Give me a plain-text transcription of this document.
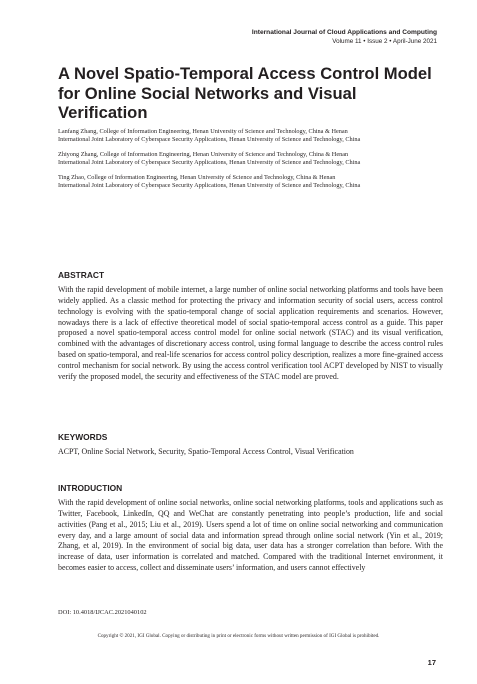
International Journal of Cloud Applications and Computing
Volume 11 • Issue 2 • April-June 2021
A Novel Spatio-Temporal Access Control Model for Online Social Networks and Visual Verification

Lanfang Zhang, College of Information Engineering, Henan University of Science and Technology, China & Henan
International Joint Laboratory of Cyberspace Security Applications, Henan University of Science and Technology, China

Zhiyong Zhang, College of Information Engineering, Henan University of Science and Technology, China & Henan
International Joint Laboratory of Cyberspace Security Applications, Henan University of Science and Technology, China

Ting Zhao, College of Information Engineering, Henan University of Science and Technology, China & Henan
International Joint Laboratory of Cyberspace Security Applications, Henan University of Science and Technology, China

ABSTRACT

With the rapid development of mobile internet, a large number of online social networking platforms and tools have been widely applied. As a classic method for protecting the privacy and information security of social users, access control technology is evolving with the spatio-temporal change of social application requirements and scenarios. However, nowadays there is a lack of effective theoretical model of social spatio-temporal access control as a guide. This paper proposed a novel spatio-temporal access control model for online social network (STAC) and its visual verification, combined with the advantages of discretionary access control, using formal language to describe the access control rules based on spatio-temporal, and real-life scenarios for access control policy description, realizes a more fine-grained access control mechanism for social network. By using the access control verification tool ACPT developed by NIST to visually verify the proposed model, the security and effectiveness of the STAC model are proved.

KEYWORDS

ACPT, Online Social Network, Security, Spatio-Temporal Access Control, Visual Verification

INTRODUCTION

With the rapid development of online social networks, online social networking platforms, tools and applications such as Twitter, Facebook, LinkedIn, QQ and WeChat are constantly penetrating into people’s production, life and social activities (Pang et al., 2015; Liu et al., 2019). Users spend a lot of time on online social networking and communication every day, and a large amount of social data and information spread through online social network (Yin et al., 2019; Zhang, et al, 2019). In the environment of social big data, user data has a stronger correlation than before. With the increase of data, user information is correlated and matched. Compared with the traditional Internet environment, it becomes easier to access, collect and disseminate users’ information, and users cannot effectively

DOI: 10.4018/IJCAC.2021040102
Copyright © 2021, IGI Global. Copying or distributing in print or electronic forms without written permission of IGI Global is prohibited.
17
